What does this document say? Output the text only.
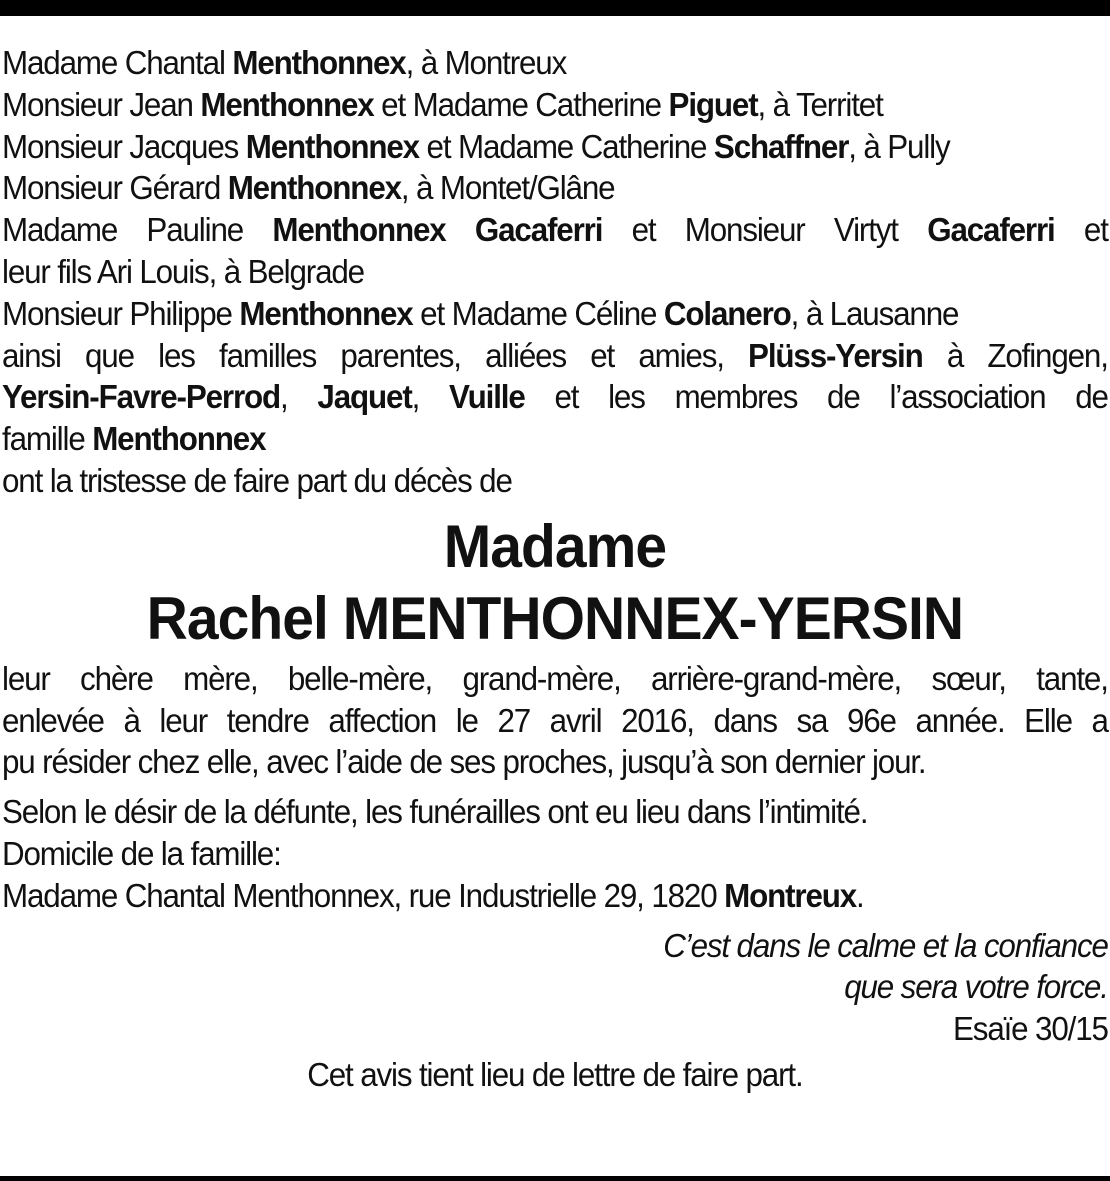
Madame Chantal Menthonnex, à Montreux
Monsieur Jean Menthonnex et Madame Catherine Piguet, à Territet
Monsieur Jacques Menthonnex et Madame Catherine Schaffner, à Pully
Monsieur Gérard Menthonnex, à Montet/Glâne
Madame Pauline Menthonnex Gacaferri et Monsieur Virtyt Gacaferri et
leur fils Ari Louis, à Belgrade
Monsieur Philippe Menthonnex et Madame Céline Colanero, à Lausanne
ainsi que les familles parentes, alliées et amies, Plüss-Yersin à Zofingen,
Yersin-Favre-Perrod, Jaquet, Vuille et les membres de l’association de
famille Menthonnex
ont la tristesse de faire part du décès de
Madame
Rachel MENTHONNEX-YERSIN
leur chère mère, belle-mère, grand-mère, arrière-grand-mère, sœur, tante,
enlevée à leur tendre affection le 27 avril 2016, dans sa 96e année. Elle a
pu résider chez elle, avec l’aide de ses proches, jusqu’à son dernier jour.
Selon le désir de la défunte, les funérailles ont eu lieu dans l’intimité.
Domicile de la famille:
Madame Chantal Menthonnex, rue Industrielle 29, 1820 Montreux.
C’est dans le calme et la confiance
que sera votre force.
Esaïe 30/15
Cet avis tient lieu de lettre de faire part.
